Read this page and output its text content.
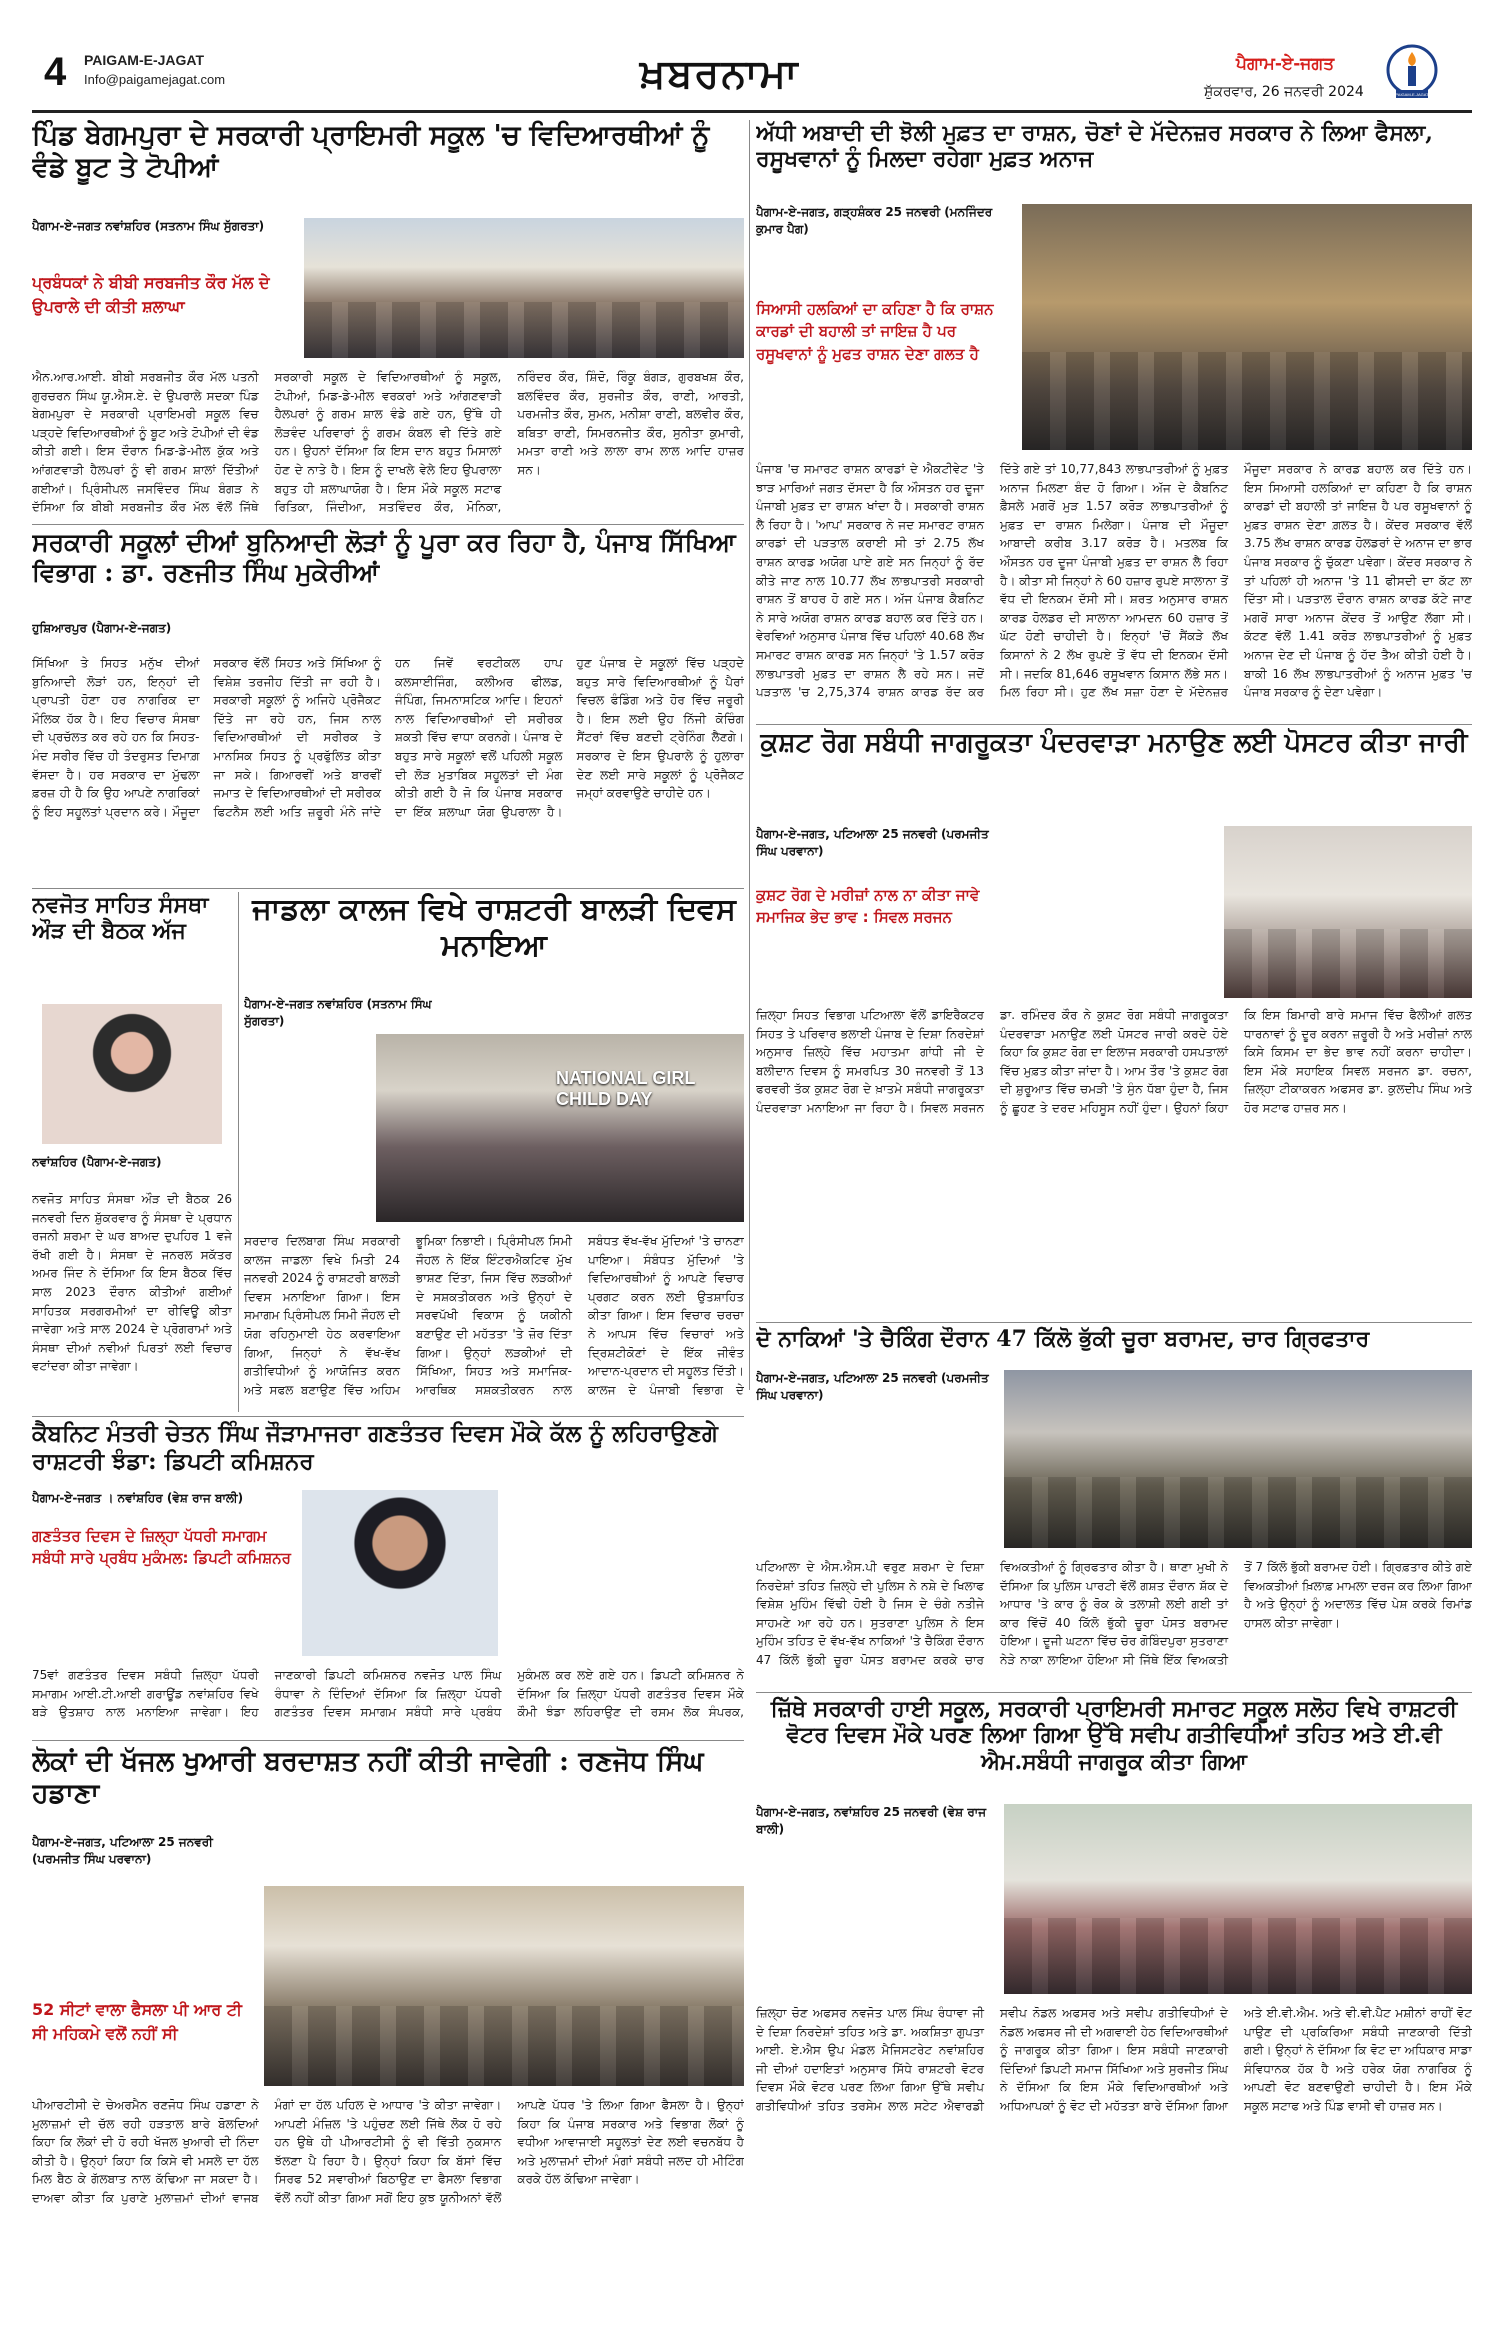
4 PAIGAM-E-JAGAT
Info@paigamejagat.com	ਖ਼ਬਰਨਾਮਾ	ਪੈਗਾਮ-ਏ-ਜਗਤ
ਸ਼ੁੱਕਰਵਾਰ, 26 ਜਨਵਰੀ 2024	PAIGAM-E-JAGAT
ਪਿੰਡ ਬੇਗਮਪੁਰਾ ਦੇ ਸਰਕਾਰੀ ਪ੍ਰਾਇਮਰੀ ਸਕੂਲ 'ਚ ਵਿਦਿਆਰਥੀਆਂ ਨੂੰ ਵੰਡੇ ਬੂਟ ਤੇ ਟੋਪੀਆਂ
ਪੈਗਾਮ-ਏ-ਜਗਤ ਨਵਾਂਸ਼ਹਿਰ (ਸਤਨਾਮ ਸਿੰਘ ਸੁੱਗਰਤਾ)
ਪ੍ਰਬੰਧਕਾਂ ਨੇ ਬੀਬੀ ਸਰਬਜੀਤ ਕੌਰ ਮੱਲ ਦੇ ਉਪਰਾਲੇ ਦੀ ਕੀਤੀ ਸ਼ਲਾਘਾ
ਐਨ.ਆਰ.ਆਈ. ਬੀਬੀ ਸਰਬਜੀਤ ਕੌਰ ਮੱਲ ਪਤਨੀ ਗੁਰਚਰਨ ਸਿੰਘ ਯੂ.ਐਸ.ਏ. ਦੇ ਉਪਰਾਲੇ ਸਦਕਾ ਪਿੰਡ ਬੇਗਮਪੁਰਾ ਦੇ ਸਰਕਾਰੀ ਪ੍ਰਾਇਮਰੀ ਸਕੂਲ ਵਿਚ ਪੜ੍ਹਦੇ ਵਿਦਿਆਰਥੀਆਂ ਨੂੰ ਬੂਟ ਅਤੇ ਟੋਪੀਆਂ ਦੀ ਵੰਡ ਕੀਤੀ ਗਈ। ਇਸ ਦੌਰਾਨ ਮਿਡ-ਡੇ-ਮੀਲ ਕੁੱਕ ਅਤੇ ਆਂਗਣਵਾੜੀ ਹੈਲਪਰਾਂ ਨੂੰ ਵੀ ਗਰਮ ਸ਼ਾਲਾਂ ਦਿੱਤੀਆਂ ਗਈਆਂ। ਪ੍ਰਿੰਸੀਪਲ ਜਸਵਿੰਦਰ ਸਿੰਘ ਬੰਗੜ ਨੇ ਦੱਸਿਆ ਕਿ ਬੀਬੀ ਸਰਬਜੀਤ ਕੌਰ ਮੱਲ ਵੱਲੋਂ ਜਿੱਥੇ ਸਰਕਾਰੀ ਸਕੂਲ ਦੇ ਵਿਦਿਆਰਥੀਆਂ ਨੂੰ ਸਕੂਲ, ਟੋਪੀਆਂ, ਮਿਡ-ਡੇ-ਮੀਲ ਵਰਕਰਾਂ ਅਤੇ ਆਂਗਣਵਾੜੀ ਹੈਲਪਰਾਂ ਨੂੰ ਗਰਮ ਸ਼ਾਲ ਵੰਡੇ ਗਏ ਹਨ, ਉੱਥੇ ਹੀ ਲੋੜਵੰਦ ਪਰਿਵਾਰਾਂ ਨੂੰ ਗਰਮ ਕੰਬਲ ਵੀ ਦਿੱਤੇ ਗਏ ਹਨ। ਉਹਨਾਂ ਦੱਸਿਆ ਕਿ ਇਸ ਦਾਨ ਬਹੁਤ ਮਿਸਾਲਾਂ ਹੋਣ ਦੇ ਨਾਤੇ ਹੈ। ਇਸ ਨੂੰ ਦਾਖਲੇ ਵੇਲੇ ਇਹ ਉਪਰਾਲਾ ਬਹੁਤ ਹੀ ਸ਼ਲਾਘਾਯੋਗ ਹੈ। ਇਸ ਮੌਕੇ ਸਕੂਲ ਸਟਾਫ ਰਿਤਿਕਾ, ਜਿੰਦੀਆ, ਸਤਵਿੰਦਰ ਕੌਰ, ਮੋਨਿਕਾ, ਨਰਿੰਦਰ ਕੌਰ, ਸ਼ਿੰਦੋ, ਰਿੰਕੂ ਬੰਗੜ, ਗੁਰਬਖਸ਼ ਕੌਰ, ਬਲਵਿੰਦਰ ਕੌਰ, ਸੁਰਜੀਤ ਕੌਰ, ਰਾਣੀ, ਆਰਤੀ, ਪਰਮਜੀਤ ਕੌਰ, ਸੁਮਨ, ਮਨੀਸ਼ਾ ਰਾਣੀ, ਬਲਵੀਰ ਕੌਰ, ਬਬਿਤਾ ਰਾਣੀ, ਸਿਮਰਨਜੀਤ ਕੌਰ, ਸੁਨੀਤਾ ਕੁਮਾਰੀ, ਮਮਤਾ ਰਾਣੀ ਅਤੇ ਲਾਲਾ ਰਾਮ ਲਾਲ ਆਦਿ ਹਾਜ਼ਰ ਸਨ।
ਅੱਧੀ ਅਬਾਦੀ ਦੀ ਝੋਲੀ ਮੁਫ਼ਤ ਦਾ ਰਾਸ਼ਨ, ਚੋਣਾਂ ਦੇ ਮੱਦੇਨਜ਼ਰ ਸਰਕਾਰ ਨੇ ਲਿਆ ਫੈਸਲਾ, ਰਸੂਖਵਾਨਾਂ ਨੂੰ ਮਿਲਦਾ ਰਹੇਗਾ ਮੁਫ਼ਤ ਅਨਾਜ
ਪੈਗਾਮ-ਏ-ਜਗਤ, ਗੜ੍ਹਸ਼ੰਕਰ 25 ਜਨਵਰੀ (ਮਨਜਿੰਦਰ ਕੁਮਾਰ ਪੈਗ)
ਸਿਆਸੀ ਹਲਕਿਆਂ ਦਾ ਕਹਿਣਾ ਹੈ ਕਿ ਰਾਸ਼ਨ ਕਾਰਡਾਂ ਦੀ ਬਹਾਲੀ ਤਾਂ ਜਾਇਜ਼ ਹੈ ਪਰ ਰਸੂਖਵਾਨਾਂ ਨੂੰ ਮੁਫਤ ਰਾਸ਼ਨ ਦੇਣਾ ਗਲਤ ਹੈ
ਪੰਜਾਬ 'ਚ ਸਮਾਰਟ ਰਾਸ਼ਨ ਕਾਰਡਾਂ ਦੇ ਐਕਟੀਵੇਟ 'ਤੇ ਝਾੜ ਮਾਰਿਆਂ ਜਗਤ ਦੱਸਦਾ ਹੈ ਕਿ ਔਸਤਨ ਹਰ ਦੂਜਾ ਪੰਜਾਬੀ ਮੁਫ਼ਤ ਦਾ ਰਾਸ਼ਨ ਖਾਂਦਾ ਹੈ। ਸਰਕਾਰੀ ਰਾਸ਼ਨ ਲੈ ਰਿਹਾ ਹੈ। 'ਆਪ' ਸਰਕਾਰ ਨੇ ਜਦ ਸਮਾਰਟ ਰਾਸ਼ਨ ਕਾਰਡਾਂ ਦੀ ਪੜਤਾਲ ਕਰਾਈ ਸੀ ਤਾਂ 2.75 ਲੱਖ ਰਾਸ਼ਨ ਕਾਰਡ ਅਯੋਗ ਪਾਏ ਗਏ ਸਨ ਜਿਨ੍ਹਾਂ ਨੂੰ ਰੱਦ ਕੀਤੇ ਜਾਣ ਨਾਲ 10.77 ਲੱਖ ਲਾਭਪਾਤਰੀ ਸਰਕਾਰੀ ਰਾਸ਼ਨ ਤੋਂ ਬਾਹਰ ਹੋ ਗਏ ਸਨ। ਅੱਜ ਪੰਜਾਬ ਕੈਬਨਿਟ ਨੇ ਸਾਰੇ ਅਯੋਗ ਰਾਸ਼ਨ ਕਾਰਡ ਬਹਾਲ ਕਰ ਦਿੱਤੇ ਹਨ। ਵੇਰਵਿਆਂ ਅਨੁਸਾਰ ਪੰਜਾਬ ਵਿੱਚ ਪਹਿਲਾਂ 40.68 ਲੱਖ ਸਮਾਰਟ ਰਾਸ਼ਨ ਕਾਰਡ ਸਨ ਜਿਨ੍ਹਾਂ 'ਤੇ 1.57 ਕਰੋੜ ਲਾਭਪਾਤਰੀ ਮੁਫ਼ਤ ਦਾ ਰਾਸ਼ਨ ਲੈ ਰਹੇ ਸਨ। ਜਦੋਂ ਪੜਤਾਲ 'ਚ 2,75,374 ਰਾਸ਼ਨ ਕਾਰਡ ਰੱਦ ਕਰ ਦਿੱਤੇ ਗਏ ਤਾਂ 10,77,843 ਲਾਭਪਾਤਰੀਆਂ ਨੂੰ ਮੁਫ਼ਤ ਅਨਾਜ ਮਿਲਣਾ ਬੰਦ ਹੋ ਗਿਆ। ਅੱਜ ਦੇ ਕੈਬਨਿਟ ਫ਼ੈਸਲੇ ਮਗਰੋਂ ਮੁੜ 1.57 ਕਰੋੜ ਲਾਭਪਾਤਰੀਆਂ ਨੂੰ ਮੁਫ਼ਤ ਦਾ ਰਾਸ਼ਨ ਮਿਲੇਗਾ। ਪੰਜਾਬ ਦੀ ਮੌਜੂਦਾ ਆਬਾਦੀ ਕਰੀਬ 3.17 ਕਰੋੜ ਹੈ। ਮਤਲਬ ਕਿ ਔਸਤਨ ਹਰ ਦੂਜਾ ਪੰਜਾਬੀ ਮੁਫ਼ਤ ਦਾ ਰਾਸ਼ਨ ਲੈ ਰਿਹਾ ਹੈ। ਕੀਤਾ ਸੀ ਜਿਨ੍ਹਾਂ ਨੇ 60 ਹਜ਼ਾਰ ਰੁਪਏ ਸਾਲਾਨਾ ਤੋਂ ਵੱਧ ਦੀ ਇਨਕਮ ਦੱਸੀ ਸੀ। ਸ਼ਰਤ ਅਨੁਸਾਰ ਰਾਸ਼ਨ ਕਾਰਡ ਹੋਲਡਰ ਦੀ ਸਾਲਾਨਾ ਆਮਦਨ 60 ਹਜ਼ਾਰ ਤੋਂ ਘੱਟ ਹੋਣੀ ਚਾਹੀਦੀ ਹੈ। ਇਨ੍ਹਾਂ 'ਚੋਂ ਸੈਂਕੜੇ ਲੱਖ ਕਿਸਾਨਾਂ ਨੇ 2 ਲੱਖ ਰੁਪਏ ਤੋਂ ਵੱਧ ਦੀ ਇਨਕਮ ਦੱਸੀ ਸੀ। ਜਦਕਿ 81,646 ਰਸੂਖਵਾਨ ਕਿਸਾਨ ਲੱਭੇ ਸਨ। ਮਿਲ ਰਿਹਾ ਸੀ। ਹੁਣ ਲੱਖ ਸਜ਼ਾ ਹੋਣਾ ਦੇ ਮੱਦੇਨਜ਼ਰ ਮੌਜੂਦਾ ਸਰਕਾਰ ਨੇ ਕਾਰਡ ਬਹਾਲ ਕਰ ਦਿੱਤੇ ਹਨ। ਇਸ ਸਿਆਸੀ ਹਲਕਿਆਂ ਦਾ ਕਹਿਣਾ ਹੈ ਕਿ ਰਾਸ਼ਨ ਕਾਰਡਾਂ ਦੀ ਬਹਾਲੀ ਤਾਂ ਜਾਇਜ਼ ਹੈ ਪਰ ਰਸੂਖਵਾਨਾਂ ਨੂੰ ਮੁਫ਼ਤ ਰਾਸ਼ਨ ਦੇਣਾ ਗ਼ਲਤ ਹੈ। ਕੇਂਦਰ ਸਰਕਾਰ ਵੱਲੋਂ 3.75 ਲੱਖ ਰਾਸ਼ਨ ਕਾਰਡ ਹੋਲਡਰਾਂ ਦੇ ਅਨਾਜ ਦਾ ਭਾਰ ਪੰਜਾਬ ਸਰਕਾਰ ਨੂੰ ਚੁੱਕਣਾ ਪਵੇਗਾ। ਕੇਂਦਰ ਸਰਕਾਰ ਨੇ ਤਾਂ ਪਹਿਲਾਂ ਹੀ ਅਨਾਜ 'ਤੇ 11 ਫੀਸਦੀ ਦਾ ਕੱਟ ਲਾ ਦਿੱਤਾ ਸੀ। ਪੜਤਾਲ ਦੌਰਾਨ ਰਾਸ਼ਨ ਕਾਰਡ ਕੱਟੇ ਜਾਣ ਮਗਰੋਂ ਸਾਰਾ ਅਨਾਜ ਕੇਂਦਰ ਤੋਂ ਆਉਣ ਲੱਗਾ ਸੀ। ਕੱਟਣ ਵੱਲੋਂ 1.41 ਕਰੋੜ ਲਾਭਪਾਤਰੀਆਂ ਨੂੰ ਮੁਫ਼ਤ ਅਨਾਜ ਦੇਣ ਦੀ ਪੰਜਾਬ ਨੂੰ ਹੱਦ ਤੈਅ ਕੀਤੀ ਹੋਈ ਹੈ। ਬਾਕੀ 16 ਲੱਖ ਲਾਭਪਾਤਰੀਆਂ ਨੂੰ ਅਨਾਜ ਮੁਫ਼ਤ 'ਚ ਪੰਜਾਬ ਸਰਕਾਰ ਨੂੰ ਦੇਣਾ ਪਵੇਗਾ।
ਸਰਕਾਰੀ ਸਕੂਲਾਂ ਦੀਆਂ ਬੁਨਿਆਦੀ ਲੋੜਾਂ ਨੂੰ ਪੂਰਾ ਕਰ ਰਿਹਾ ਹੈ, ਪੰਜਾਬ ਸਿੱਖਿਆ ਵਿਭਾਗ : ਡਾ. ਰਣਜੀਤ ਸਿੰਘ ਮੁਕੇਰੀਆਂ
ਹੁਸ਼ਿਆਰਪੁਰ (ਪੈਗਾਮ-ਏ-ਜਗਤ)
ਸਿੱਖਿਆ ਤੇ ਸਿਹਤ ਮਨੁੱਖ ਦੀਆਂ ਬੁਨਿਆਦੀ ਲੋੜਾਂ ਹਨ, ਇਨ੍ਹਾਂ ਦੀ ਪ੍ਰਾਪਤੀ ਹੋਣਾ ਹਰ ਨਾਗਰਿਕ ਦਾ ਮੌਲਿਕ ਹੱਕ ਹੈ। ਇਹ ਵਿਚਾਰ ਸੰਸਥਾ ਦੀ ਪ੍ਰਚੱਲਤ ਕਰ ਰਹੇ ਹਨ ਕਿ ਸਿਹਤ-ਮੰਦ ਸਰੀਰ ਵਿੱਚ ਹੀ ਤੰਦਰੁਸਤ ਦਿਮਾਗ਼ ਵੱਸਦਾ ਹੈ। ਹਰ ਸਰਕਾਰ ਦਾ ਮੁੱਢਲਾ ਫ਼ਰਜ਼ ਹੀ ਹੈ ਕਿ ਉਹ ਆਪਣੇ ਨਾਗਰਿਕਾਂ ਨੂੰ ਇਹ ਸਹੂਲਤਾਂ ਪ੍ਰਦਾਨ ਕਰੇ। ਮੌਜੂਦਾ ਸਰਕਾਰ ਵੱਲੋਂ ਸਿਹਤ ਅਤੇ ਸਿੱਖਿਆ ਨੂੰ ਵਿਸ਼ੇਸ਼ ਤਰਜੀਹ ਦਿੱਤੀ ਜਾ ਰਹੀ ਹੈ। ਸਰਕਾਰੀ ਸਕੂਲਾਂ ਨੂੰ ਅਜਿਹੇ ਪ੍ਰੋਜੈਕਟ ਦਿੱਤੇ ਜਾ ਰਹੇ ਹਨ, ਜਿਸ ਨਾਲ ਵਿਦਿਆਰਥੀਆਂ ਦੀ ਸਰੀਰਕ ਤੇ ਮਾਨਸਿਕ ਸਿਹਤ ਨੂੰ ਪ੍ਰਫੁੱਲਿਤ ਕੀਤਾ ਜਾ ਸਕੇ। ਗਿਆਰਵੀਂ ਅਤੇ ਬਾਰਵੀਂ ਜਮਾਤ ਦੇ ਵਿਦਿਆਰਥੀਆਂ ਦੀ ਸਰੀਰਕ ਫਿਟਨੈਸ ਲਈ ਅਤਿ ਜ਼ਰੂਰੀ ਮੰਨੇ ਜਾਂਦੇ ਹਨ ਜਿਵੇਂ ਵਰਟੀਕਲ ਹਾਪ ਕਲਸਾਈਜਿੰਗ, ਕਲੀਅਰ ਫੀਲਡ, ਜੰਪਿੰਗ, ਜਿਮਨਾਸਟਿਕ ਆਦਿ। ਇਹਨਾਂ ਨਾਲ ਵਿਦਿਆਰਥੀਆਂ ਦੀ ਸਰੀਰਕ ਸ਼ਕਤੀ ਵਿੱਚ ਵਾਧਾ ਕਰਨਗੇ। ਪੰਜਾਬ ਦੇ ਬਹੁਤ ਸਾਰੇ ਸਕੂਲਾਂ ਵਲੋਂ ਪਹਿਲੀ ਸਕੂਲ ਦੀ ਲੋੜ ਮੁਤਾਬਿਕ ਸਹੂਲਤਾਂ ਦੀ ਮੰਗ ਕੀਤੀ ਗਈ ਹੈ ਜੋ ਕਿ ਪੰਜਾਬ ਸਰਕਾਰ ਦਾ ਇੱਕ ਸ਼ਲਾਘਾ ਯੋਗ ਉਪਰਾਲਾ ਹੈ। ਹੁਣ ਪੰਜਾਬ ਦੇ ਸਕੂਲਾਂ ਵਿੱਚ ਪੜ੍ਹਦੇ ਬਹੁਤ ਸਾਰੇ ਵਿਦਿਆਰਥੀਆਂ ਨੂੰ ਪੈਰਾਂ ਵਿਚਲ ਫੰਡਿੰਗ ਅਤੇ ਹੋਰ ਵਿੱਚ ਜਰੂਰੀ ਹੈ। ਇਸ ਲਈ ਉਹ ਨਿੱਜੀ ਕੋਚਿੰਗ ਸੈਂਟਰਾਂ ਵਿੱਚ ਬਣਦੀ ਟ੍ਰੇਨਿੰਗ ਲੈਣਗੇ। ਸਰਕਾਰ ਦੇ ਇਸ ਉਪਰਾਲੇ ਨੂੰ ਹੁਲਾਰਾ ਦੇਣ ਲਈ ਸਾਰੇ ਸਕੂਲਾਂ ਨੂੰ ਪ੍ਰੋਜੈਕਟ ਜਮ੍ਹਾਂ ਕਰਵਾਉਣੇ ਚਾਹੀਦੇ ਹਨ।
ਨਵਜੋਤ ਸਾਹਿਤ ਸੰਸਥਾ ਔੜ ਦੀ ਬੈਠਕ ਅੱਜ
ਨਵਾਂਸ਼ਹਿਰ (ਪੈਗਾਮ-ਏ-ਜਗਤ)
ਨਵਜੋਤ ਸਾਹਿਤ ਸੰਸਥਾ ਔੜ ਦੀ ਬੈਠਕ 26 ਜਨਵਰੀ ਦਿਨ ਸ਼ੁੱਕਰਵਾਰ ਨੂੰ ਸੰਸਥਾ ਦੇ ਪ੍ਰਧਾਨ ਰਜਨੀ ਸ਼ਰਮਾ ਦੇ ਘਰ ਬਾਅਦ ਦੁਪਹਿਰ 1 ਵਜੇ ਰੱਖੀ ਗਈ ਹੈ। ਸੰਸਥਾ ਦੇ ਜਨਰਲ ਸਕੱਤਰ ਅਮਰ ਜਿੰਦ ਨੇ ਦੱਸਿਆ ਕਿ ਇਸ ਬੈਠਕ ਵਿੱਚ ਸਾਲ 2023 ਦੌਰਾਨ ਕੀਤੀਆਂ ਗਈਆਂ ਸਾਹਿਤਕ ਸਰਗਰਮੀਆਂ ਦਾ ਰੀਵਿਊ ਕੀਤਾ ਜਾਵੇਗਾ ਅਤੇ ਸਾਲ 2024 ਦੇ ਪ੍ਰੋਗਰਾਮਾਂ ਅਤੇ ਸੰਸਥਾ ਦੀਆਂ ਨਵੀਆਂ ਪਿਰਤਾਂ ਲਈ ਵਿਚਾਰ ਵਟਾਂਦਰਾ ਕੀਤਾ ਜਾਵੇਗਾ।
ਜਾਡਲਾ ਕਾਲਜ ਵਿਖੇ ਰਾਸ਼ਟਰੀ ਬਾਲੜੀ ਦਿਵਸ ਮਨਾਇਆ
ਪੈਗਾਮ-ਏ-ਜਗਤ ਨਵਾਂਸ਼ਹਿਰ (ਸਤਨਾਮ ਸਿੰਘ ਸੁੱਗਰਤਾ)
NATIONAL GIRL CHILD DAY
ਸਰਦਾਰ ਦਿਲਬਾਗ ਸਿੰਘ ਸਰਕਾਰੀ ਕਾਲਜ ਜਾਡਲਾ ਵਿਖੇ ਮਿਤੀ 24 ਜਨਵਰੀ 2024 ਨੂੰ ਰਾਸ਼ਟਰੀ ਬਾਲੜੀ ਦਿਵਸ ਮਨਾਇਆ ਗਿਆ। ਇਸ ਸਮਾਗਮ ਪ੍ਰਿੰਸੀਪਲ ਸਿਮੀ ਜੌਹਲ ਦੀ ਯੋਗ ਰਹਿਨੁਮਾਈ ਹੇਠ ਕਰਵਾਇਆ ਗਿਆ, ਜਿਨ੍ਹਾਂ ਨੇ ਵੱਖ-ਵੱਖ ਗਤੀਵਿਧੀਆਂ ਨੂੰ ਆਯੋਜਿਤ ਕਰਨ ਅਤੇ ਸਫਲ ਬਣਾਉਣ ਵਿੱਚ ਅਹਿਮ ਭੂਮਿਕਾ ਨਿਭਾਈ। ਪ੍ਰਿੰਸੀਪਲ ਸਿਮੀ ਜੌਹਲ ਨੇ ਇੱਕ ਇੰਟਰਐਕਟਿਵ ਮੁੱਖ ਭਾਸ਼ਣ ਦਿੱਤਾ, ਜਿਸ ਵਿੱਚ ਲੜਕੀਆਂ ਦੇ ਸਸ਼ਕਤੀਕਰਨ ਅਤੇ ਉਨ੍ਹਾਂ ਦੇ ਸਰਵਪੱਖੀ ਵਿਕਾਸ ਨੂੰ ਯਕੀਨੀ ਬਣਾਉਣ ਦੀ ਮਹੱਤਤਾ 'ਤੇ ਜ਼ੋਰ ਦਿੱਤਾ ਗਿਆ। ਉਨ੍ਹਾਂ ਲੜਕੀਆਂ ਦੀ ਸਿੱਖਿਆ, ਸਿਹਤ ਅਤੇ ਸਮਾਜਿਕ-ਆਰਥਿਕ ਸਸ਼ਕਤੀਕਰਨ ਨਾਲ ਸਬੰਧਤ ਵੱਖ-ਵੱਖ ਮੁੱਦਿਆਂ 'ਤੇ ਚਾਨਣਾ ਪਾਇਆ। ਸੰਬੰਧਤ ਮੁੱਦਿਆਂ 'ਤੇ ਵਿਦਿਆਰਥੀਆਂ ਨੂੰ ਆਪਣੇ ਵਿਚਾਰ ਪ੍ਰਗਟ ਕਰਨ ਲਈ ਉਤਸ਼ਾਹਿਤ ਕੀਤਾ ਗਿਆ। ਇਸ ਵਿਚਾਰ ਚਰਚਾ ਨੇ ਆਪਸ ਵਿੱਚ ਵਿਚਾਰਾਂ ਅਤੇ ਦ੍ਰਿਸ਼ਟੀਕੋਣਾਂ ਦੇ ਇੱਕ ਜੀਵੰਤ ਆਦਾਨ-ਪ੍ਰਦਾਨ ਦੀ ਸਹੂਲਤ ਦਿੱਤੀ। ਕਾਲਜ ਦੇ ਪੰਜਾਬੀ ਵਿਭਾਗ ਦੇ
ਕੁਸ਼ਟ ਰੋਗ ਸਬੰਧੀ ਜਾਗਰੂਕਤਾ ਪੰਦਰਵਾੜਾ ਮਨਾਉਣ ਲਈ ਪੋਸਟਰ ਕੀਤਾ ਜਾਰੀ
ਪੈਗਾਮ-ਏ-ਜਗਤ, ਪਟਿਆਲਾ 25 ਜਨਵਰੀ (ਪਰਮਜੀਤ ਸਿੰਘ ਪਰਵਾਨਾ)
ਕੁਸ਼ਟ ਰੋਗ ਦੇ ਮਰੀਜ਼ਾਂ ਨਾਲ ਨਾ ਕੀਤਾ ਜਾਵੇ ਸਮਾਜਿਕ ਭੇਦ ਭਾਵ : ਸਿਵਲ ਸਰਜਨ
ਜ਼ਿਲ੍ਹਾ ਸਿਹਤ ਵਿਭਾਗ ਪਟਿਆਲਾ ਵੱਲੋਂ ਡਾਇਰੈਕਟਰ ਸਿਹਤ ਤੇ ਪਰਿਵਾਰ ਭਲਾਈ ਪੰਜਾਬ ਦੇ ਦਿਸ਼ਾ ਨਿਰਦੇਸ਼ਾਂ ਅਨੁਸਾਰ ਜ਼ਿਲ੍ਹੇ ਵਿੱਚ ਮਹਾਤਮਾ ਗਾਂਧੀ ਜੀ ਦੇ ਬਲੀਦਾਨ ਦਿਵਸ ਨੂੰ ਸਮਰਪਿਤ 30 ਜਨਵਰੀ ਤੋਂ 13 ਫਰਵਰੀ ਤੱਕ ਕੁਸ਼ਟ ਰੋਗ ਦੇ ਖ਼ਾਤਮੇ ਸਬੰਧੀ ਜਾਗਰੂਕਤਾ ਪੰਦਰਵਾੜਾ ਮਨਾਇਆ ਜਾ ਰਿਹਾ ਹੈ। ਸਿਵਲ ਸਰਜਨ ਡਾ. ਰਮਿੰਦਰ ਕੌਰ ਨੇ ਕੁਸ਼ਟ ਰੋਗ ਸਬੰਧੀ ਜਾਗਰੂਕਤਾ ਪੰਦਰਵਾੜਾ ਮਨਾਉਣ ਲਈ ਪੋਸਟਰ ਜਾਰੀ ਕਰਦੇ ਹੋਏ ਕਿਹਾ ਕਿ ਕੁਸ਼ਟ ਰੋਗ ਦਾ ਇਲਾਜ ਸਰਕਾਰੀ ਹਸਪਤਾਲਾਂ ਵਿੱਚ ਮੁਫ਼ਤ ਕੀਤਾ ਜਾਂਦਾ ਹੈ। ਆਮ ਤੌਰ 'ਤੇ ਕੁਸ਼ਟ ਰੋਗ ਦੀ ਸ਼ੁਰੂਆਤ ਵਿੱਚ ਚਮੜੀ 'ਤੇ ਸੁੰਨ ਧੱਬਾ ਹੁੰਦਾ ਹੈ, ਜਿਸ ਨੂੰ ਛੂਹਣ ਤੇ ਦਰਦ ਮਹਿਸੂਸ ਨਹੀਂ ਹੁੰਦਾ। ਉਹਨਾਂ ਕਿਹਾ ਕਿ ਇਸ ਬਿਮਾਰੀ ਬਾਰੇ ਸਮਾਜ ਵਿੱਚ ਫੈਲੀਆਂ ਗਲਤ ਧਾਰਨਾਵਾਂ ਨੂੰ ਦੂਰ ਕਰਨਾ ਜ਼ਰੂਰੀ ਹੈ ਅਤੇ ਮਰੀਜ਼ਾਂ ਨਾਲ ਕਿਸੇ ਕਿਸਮ ਦਾ ਭੇਦ ਭਾਵ ਨਹੀਂ ਕਰਨਾ ਚਾਹੀਦਾ। ਇਸ ਮੌਕੇ ਸਹਾਇਕ ਸਿਵਲ ਸਰਜਨ ਡਾ. ਰਚਨਾ, ਜ਼ਿਲ੍ਹਾ ਟੀਕਾਕਰਨ ਅਫਸਰ ਡਾ. ਕੁਲਦੀਪ ਸਿੰਘ ਅਤੇ ਹੋਰ ਸਟਾਫ ਹਾਜ਼ਰ ਸਨ।
ਦੋ ਨਾਕਿਆਂ 'ਤੇ ਚੈਕਿੰਗ ਦੌਰਾਨ 47 ਕਿੱਲੋ ਭੁੱਕੀ ਚੂਰਾ ਬਰਾਮਦ, ਚਾਰ ਗ੍ਰਿਫਤਾਰ
ਪੈਗਾਮ-ਏ-ਜਗਤ, ਪਟਿਆਲਾ 25 ਜਨਵਰੀ (ਪਰਮਜੀਤ ਸਿੰਘ ਪਰਵਾਨਾ)
ਪਟਿਆਲਾ ਦੇ ਐਸ.ਐਸ.ਪੀ ਵਰੁਣ ਸ਼ਰਮਾ ਦੇ ਦਿਸ਼ਾ ਨਿਰਦੇਸ਼ਾਂ ਤਹਿਤ ਜ਼ਿਲ੍ਹੇ ਦੀ ਪੁਲਿਸ ਨੇ ਨਸ਼ੇ ਦੇ ਖਿਲਾਫ ਵਿਸ਼ੇਸ਼ ਮੁਹਿੰਮ ਵਿੱਢੀ ਹੋਈ ਹੈ ਜਿਸ ਦੇ ਚੰਗੇ ਨਤੀਜੇ ਸਾਹਮਣੇ ਆ ਰਹੇ ਹਨ। ਸੁਤਰਾਣਾ ਪੁਲਿਸ ਨੇ ਇਸ ਮੁਹਿੰਮ ਤਹਿਤ ਦੋ ਵੱਖ-ਵੱਖ ਨਾਕਿਆਂ 'ਤੇ ਚੈਕਿੰਗ ਦੌਰਾਨ 47 ਕਿੱਲੋ ਭੁੱਕੀ ਚੂਰਾ ਪੋਸਤ ਬਰਾਮਦ ਕਰਕੇ ਚਾਰ ਵਿਅਕਤੀਆਂ ਨੂੰ ਗ੍ਰਿਫਤਾਰ ਕੀਤਾ ਹੈ। ਥਾਣਾ ਮੁਖੀ ਨੇ ਦੱਸਿਆ ਕਿ ਪੁਲਿਸ ਪਾਰਟੀ ਵੱਲੋਂ ਗਸ਼ਤ ਦੌਰਾਨ ਸ਼ੱਕ ਦੇ ਆਧਾਰ 'ਤੇ ਕਾਰ ਨੂੰ ਰੋਕ ਕੇ ਤਲਾਸ਼ੀ ਲਈ ਗਈ ਤਾਂ ਕਾਰ ਵਿੱਚੋਂ 40 ਕਿੱਲੋ ਭੁੱਕੀ ਚੂਰਾ ਪੋਸਤ ਬਰਾਮਦ ਹੋਇਆ। ਦੂਜੀ ਘਟਨਾ ਵਿੱਚ ਚੋਰ ਗੋਬਿੰਦਪੁਰਾ ਸੁਤਰਾਣਾ ਨੇੜੇ ਨਾਕਾ ਲਾਇਆ ਹੋਇਆ ਸੀ ਜਿੱਥੇ ਇੱਕ ਵਿਅਕਤੀ ਤੋਂ 7 ਕਿੱਲੋ ਭੁੱਕੀ ਬਰਾਮਦ ਹੋਈ। ਗ੍ਰਿਫ਼ਤਾਰ ਕੀਤੇ ਗਏ ਵਿਅਕਤੀਆਂ ਖ਼ਿਲਾਫ਼ ਮਾਮਲਾ ਦਰਜ ਕਰ ਲਿਆ ਗਿਆ ਹੈ ਅਤੇ ਉਨ੍ਹਾਂ ਨੂੰ ਅਦਾਲਤ ਵਿੱਚ ਪੇਸ਼ ਕਰਕੇ ਰਿਮਾਂਡ ਹਾਸਲ ਕੀਤਾ ਜਾਵੇਗਾ।
ਕੈਬਨਿਟ ਮੰਤਰੀ ਚੇਤਨ ਸਿੰਘ ਜੌੜਾਮਾਜਰਾ ਗਣਤੰਤਰ ਦਿਵਸ ਮੌਕੇ ਕੱਲ ਨੂੰ ਲਹਿਰਾਉਣਗੇ ਰਾਸ਼ਟਰੀ ਝੰਡਾ: ਡਿਪਟੀ ਕਮਿਸ਼ਨਰ
ਪੈਗਾਮ-ਏ-ਜਗਤ । ਨਵਾਂਸ਼ਹਿਰ (ਵੇਸ਼ ਰਾਜ ਬਾਲੀ)
ਗਣਤੰਤਰ ਦਿਵਸ ਦੇ ਜ਼ਿਲ੍ਹਾ ਪੱਧਰੀ ਸਮਾਗਮ ਸਬੰਧੀ ਸਾਰੇ ਪ੍ਰਬੰਧ ਮੁਕੰਮਲ: ਡਿਪਟੀ ਕਮਿਸ਼ਨਰ
75ਵਾਂ ਗਣਤੰਤਰ ਦਿਵਸ ਸਬੰਧੀ ਜ਼ਿਲ੍ਹਾ ਪੱਧਰੀ ਸਮਾਗਮ ਆਈ.ਟੀ.ਆਈ ਗਰਾਊਂਡ ਨਵਾਂਸ਼ਹਿਰ ਵਿਖੇ ਬੜੇ ਉਤਸ਼ਾਹ ਨਾਲ ਮਨਾਇਆ ਜਾਵੇਗਾ। ਇਹ ਜਾਣਕਾਰੀ ਡਿਪਟੀ ਕਮਿਸ਼ਨਰ ਨਵਜੋਤ ਪਾਲ ਸਿੰਘ ਰੰਧਾਵਾ ਨੇ ਦਿੰਦਿਆਂ ਦੱਸਿਆ ਕਿ ਜ਼ਿਲ੍ਹਾ ਪੱਧਰੀ ਗਣਤੰਤਰ ਦਿਵਸ ਸਮਾਗਮ ਸਬੰਧੀ ਸਾਰੇ ਪ੍ਰਬੰਧ ਮੁਕੰਮਲ ਕਰ ਲਏ ਗਏ ਹਨ। ਡਿਪਟੀ ਕਮਿਸ਼ਨਰ ਨੇ ਦੱਸਿਆ ਕਿ ਜ਼ਿਲ੍ਹਾ ਪੱਧਰੀ ਗਣਤੰਤਰ ਦਿਵਸ ਮੌਕੇ ਕੌਮੀ ਝੰਡਾ ਲਹਿਰਾਉਣ ਦੀ ਰਸਮ ਲੋਕ ਸੰਪਰਕ,	ਜ਼ਿੱਥੇ ਸਰਕਾਰੀ ਹਾਈ ਸਕੂਲ, ਸਰਕਾਰੀ ਪ੍ਰਾਇਮਰੀ ਸਮਾਰਟ ਸਕੂਲ ਸਲੋਹ ਵਿਖੇ ਰਾਸ਼ਟਰੀ ਵੋਟਰ ਦਿਵਸ ਮੌਕੇ ਪਰਣ ਲਿਆ ਗਿਆ ਉੱਥੇ ਸਵੀਪ ਗਤੀਵਿਧੀਆਂ ਤਹਿਤ ਅਤੇ ਈ.ਵੀ ਐਮ.ਸਬੰਧੀ ਜਾਗਰੂਕ ਕੀਤਾ ਗਿਆ
ਪੈਗਾਮ-ਏ-ਜਗਤ, ਨਵਾਂਸ਼ਹਿਰ 25 ਜਨਵਰੀ (ਵੇਸ਼ ਰਾਜ ਬਾਲੀ)
ਜ਼ਿਲ੍ਹਾ ਚੋਣ ਅਫਸਰ ਨਵਜੋਤ ਪਾਲ ਸਿੰਘ ਰੰਧਾਵਾ ਜੀ ਦੇ ਦਿਸ਼ਾ ਨਿਰਦੇਸ਼ਾਂ ਤਹਿਤ ਅਤੇ ਡਾ. ਅਕਸ਼ਿਤਾ ਗੁਪਤਾ ਆਈ. ਏ.ਐਸ ਉਪ ਮੰਡਲ ਮੈਜਿਸਟਰੇਟ ਨਵਾਂਸ਼ਹਿਰ ਜੀ ਦੀਆਂ ਹਦਾਇਤਾਂ ਅਨੁਸਾਰ ਸਿੱਧੇ ਰਾਸ਼ਟਰੀ ਵੋਟਰ ਦਿਵਸ ਮੌਕੇ ਵੋਟਰ ਪਰਣ ਲਿਆ ਗਿਆ ਉੱਥੇ ਸਵੀਪ ਗਤੀਵਿਧੀਆਂ ਤਹਿਤ ਤਰਸੇਮ ਲਾਲ ਸਟੇਟ ਐਵਾਰਡੀ ਸਵੀਪ ਨੋਡਲ ਅਫਸਰ ਅਤੇ ਸਵੀਪ ਗਤੀਵਿਧੀਆਂ ਦੇ ਨੋਡਲ ਅਫਸਰ ਜੀ ਦੀ ਅਗਵਾਈ ਹੇਠ ਵਿਦਿਆਰਥੀਆਂ ਨੂੰ ਜਾਗਰੂਕ ਕੀਤਾ ਗਿਆ। ਇਸ ਸਬੰਧੀ ਜਾਣਕਾਰੀ ਦਿੰਦਿਆਂ ਡਿਪਟੀ ਸਮਾਜ ਸਿੱਖਿਆ ਅਤੇ ਸੁਰਜੀਤ ਸਿੰਘ ਨੇ ਦੱਸਿਆ ਕਿ ਇਸ ਮੌਕੇ ਵਿਦਿਆਰਥੀਆਂ ਅਤੇ ਅਧਿਆਪਕਾਂ ਨੂੰ ਵੋਟ ਦੀ ਮਹੱਤਤਾ ਬਾਰੇ ਦੱਸਿਆ ਗਿਆ ਅਤੇ ਈ.ਵੀ.ਐਮ. ਅਤੇ ਵੀ.ਵੀ.ਪੈਟ ਮਸ਼ੀਨਾਂ ਰਾਹੀਂ ਵੋਟ ਪਾਉਣ ਦੀ ਪ੍ਰਕਿਰਿਆ ਸਬੰਧੀ ਜਾਣਕਾਰੀ ਦਿੱਤੀ ਗਈ। ਉਨ੍ਹਾਂ ਨੇ ਦੱਸਿਆ ਕਿ ਵੋਟ ਦਾ ਅਧਿਕਾਰ ਸਾਡਾ ਸੰਵਿਧਾਨਕ ਹੱਕ ਹੈ ਅਤੇ ਹਰੇਕ ਯੋਗ ਨਾਗਰਿਕ ਨੂੰ ਆਪਣੀ ਵੋਟ ਬਣਵਾਉਣੀ ਚਾਹੀਦੀ ਹੈ। ਇਸ ਮੌਕੇ ਸਕੂਲ ਸਟਾਫ ਅਤੇ ਪਿੰਡ ਵਾਸੀ ਵੀ ਹਾਜ਼ਰ ਸਨ।
ਲੋਕਾਂ ਦੀ ਖੱਜਲ ਖੁਆਰੀ ਬਰਦਾਸ਼ਤ ਨਹੀਂ ਕੀਤੀ ਜਾਵੇਗੀ : ਰਣਜੋਧ ਸਿੰਘ ਹਡਾਣਾ
ਪੈਗਾਮ-ਏ-ਜਗਤ, ਪਟਿਆਲਾ 25 ਜਨਵਰੀ (ਪਰਮਜੀਤ ਸਿੰਘ ਪਰਵਾਨਾ)
52 ਸੀਟਾਂ ਵਾਲਾ ਫੈਸਲਾ ਪੀ ਆਰ ਟੀ ਸੀ ਮਹਿਕਮੇ ਵਲੋਂ ਨਹੀਂ ਸੀ
ਪੀਆਰਟੀਸੀ ਦੇ ਚੇਅਰਮੈਨ ਰਣਜੋਧ ਸਿੰਘ ਹਡਾਣਾ ਨੇ ਮੁਲਾਜ਼ਮਾਂ ਦੀ ਚੱਲ ਰਹੀ ਹੜਤਾਲ ਬਾਰੇ ਬੋਲਦਿਆਂ ਕਿਹਾ ਕਿ ਲੋਕਾਂ ਦੀ ਹੋ ਰਹੀ ਖੱਜਲ ਖੁਆਰੀ ਦੀ ਨਿੰਦਾ ਕੀਤੀ ਹੈ। ਉਨ੍ਹਾਂ ਕਿਹਾ ਕਿ ਕਿਸੇ ਵੀ ਮਸਲੇ ਦਾ ਹੱਲ ਮਿਲ ਬੈਠ ਕੇ ਗੱਲਬਾਤ ਨਾਲ ਕੱਢਿਆ ਜਾ ਸਕਦਾ ਹੈ। ਦਾਅਵਾ ਕੀਤਾ ਕਿ ਪੁਰਾਣੇ ਮੁਲਾਜ਼ਮਾਂ ਦੀਆਂ ਵਾਜਬ ਮੰਗਾਂ ਦਾ ਹੱਲ ਪਹਿਲ ਦੇ ਆਧਾਰ 'ਤੇ ਕੀਤਾ ਜਾਵੇਗਾ। ਆਪਣੀ ਮੰਜ਼ਿਲ 'ਤੇ ਪਹੁੰਚਣ ਲਈ ਜਿੱਥੇ ਲੋਕ ਹੋ ਰਹੇ ਹਨ ਉਥੇ ਹੀ ਪੀਆਰਟੀਸੀ ਨੂੰ ਵੀ ਵਿੱਤੀ ਨੁਕਸਾਨ ਝੱਲਣਾ ਪੈ ਰਿਹਾ ਹੈ। ਉਨ੍ਹਾਂ ਕਿਹਾ ਕਿ ਬੱਸਾਂ ਵਿੱਚ ਸਿਰਫ 52 ਸਵਾਰੀਆਂ ਬਿਠਾਉਣ ਦਾ ਫੈਸਲਾ ਵਿਭਾਗ ਵੱਲੋਂ ਨਹੀਂ ਕੀਤਾ ਗਿਆ ਸਗੋਂ ਇਹ ਕੁਝ ਯੂਨੀਅਨਾਂ ਵੱਲੋਂ ਆਪਣੇ ਪੱਧਰ 'ਤੇ ਲਿਆ ਗਿਆ ਫੈਸਲਾ ਹੈ। ਉਨ੍ਹਾਂ ਕਿਹਾ ਕਿ ਪੰਜਾਬ ਸਰਕਾਰ ਅਤੇ ਵਿਭਾਗ ਲੋਕਾਂ ਨੂੰ ਵਧੀਆ ਆਵਾਜਾਈ ਸਹੂਲਤਾਂ ਦੇਣ ਲਈ ਵਚਨਬੱਧ ਹੈ ਅਤੇ ਮੁਲਾਜ਼ਮਾਂ ਦੀਆਂ ਮੰਗਾਂ ਸਬੰਧੀ ਜਲਦ ਹੀ ਮੀਟਿੰਗ ਕਰਕੇ ਹੱਲ ਕੱਢਿਆ ਜਾਵੇਗਾ।
